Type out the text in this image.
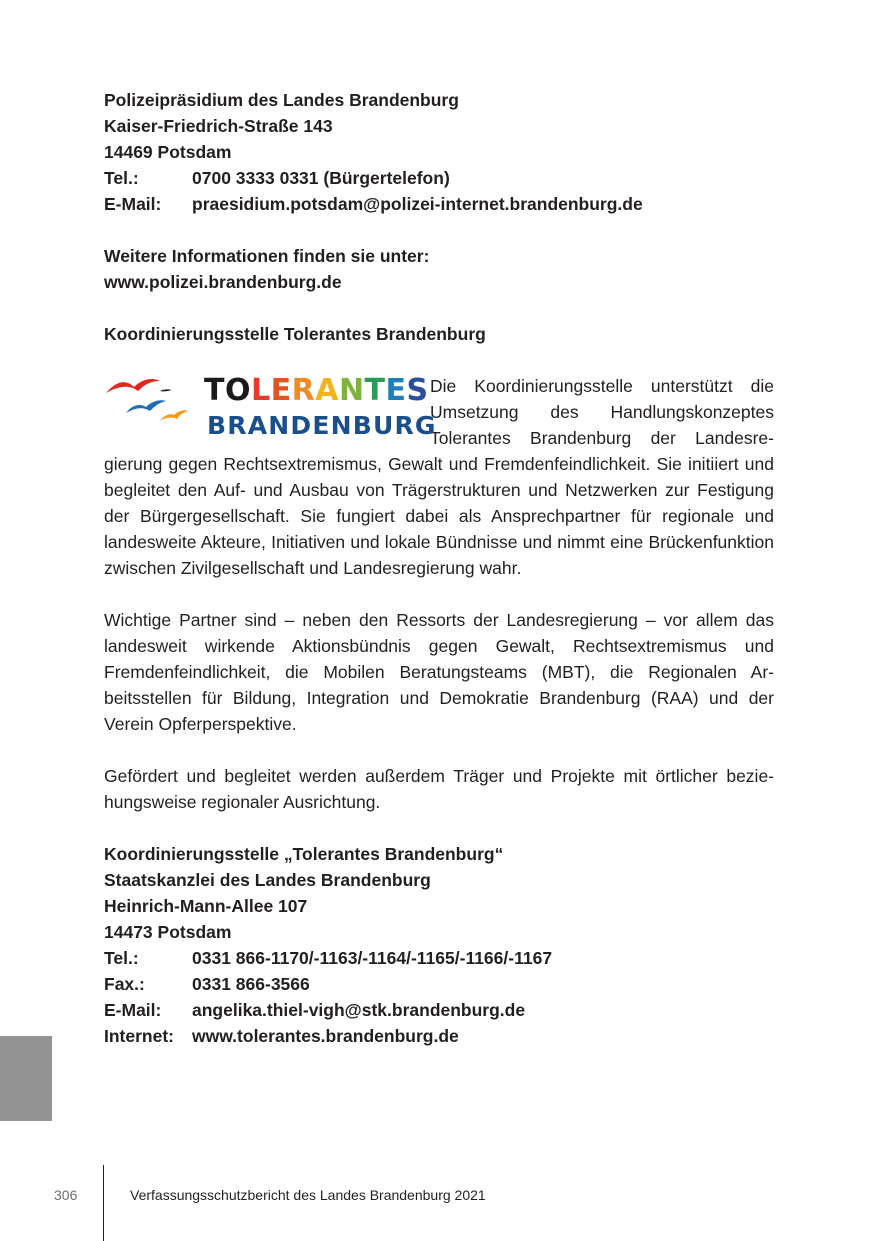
Polizeipräsidium des Landes Brandenburg
Kaiser-Friedrich-Straße 143
14469 Potsdam
Tel.:	0700 3333 0331 (Bürgertelefon)
E-Mail:	praesidium.potsdam@polizei-internet.brandenburg.de
Weitere Informationen finden sie unter:
www.polizei.brandenburg.de
Koordinierungsstelle Tolerantes Brandenburg
TOLERANTES
BRANDENBURG
Die Koordinierungsstelle unterstützt die Umsetzung des Handlungskonzeptes Tolerantes Brandenburg der Landesregierung gegen Rechtsextremismus, Gewalt und Fremdenfeindlichkeit. Sie initiiert und begleitet den Auf- und Ausbau von Trägerstrukturen und Netzwerken zur Festigung der Bürgergesellschaft. Sie fungiert dabei als Ansprechpartner für regionale und landesweite Akteure, Initiativen und lokale Bündnisse und nimmt eine Brückenfunktion zwischen Zivilgesellschaft und Landesregierung wahr.
Wichtige Partner sind – neben den Ressorts der Landesregierung – vor allem das landesweit wirkende Aktionsbündnis gegen Gewalt, Rechtsextremismus und Fremdenfeindlichkeit, die Mobilen Beratungsteams (MBT), die Regionalen Arbeitsstellen für Bildung, Integration und Demokratie Brandenburg (RAA) und der Verein Opferperspektive.
Gefördert und begleitet werden außerdem Träger und Projekte mit örtlicher beziehungsweise regionaler Ausrichtung.
Koordinierungsstelle „Tolerantes Brandenburg“
Staatskanzlei des Landes Brandenburg
Heinrich-Mann-Allee 107
14473 Potsdam
Tel.:	0331 866-1170/-1163/-1164/-1165/-1166/-1167
Fax.:	0331 866-3566
E-Mail:	angelika.thiel-vigh@stk.brandenburg.de
Internet:	www.tolerantes.brandenburg.de
306	Verfassungsschutzbericht des Landes Brandenburg 2021
